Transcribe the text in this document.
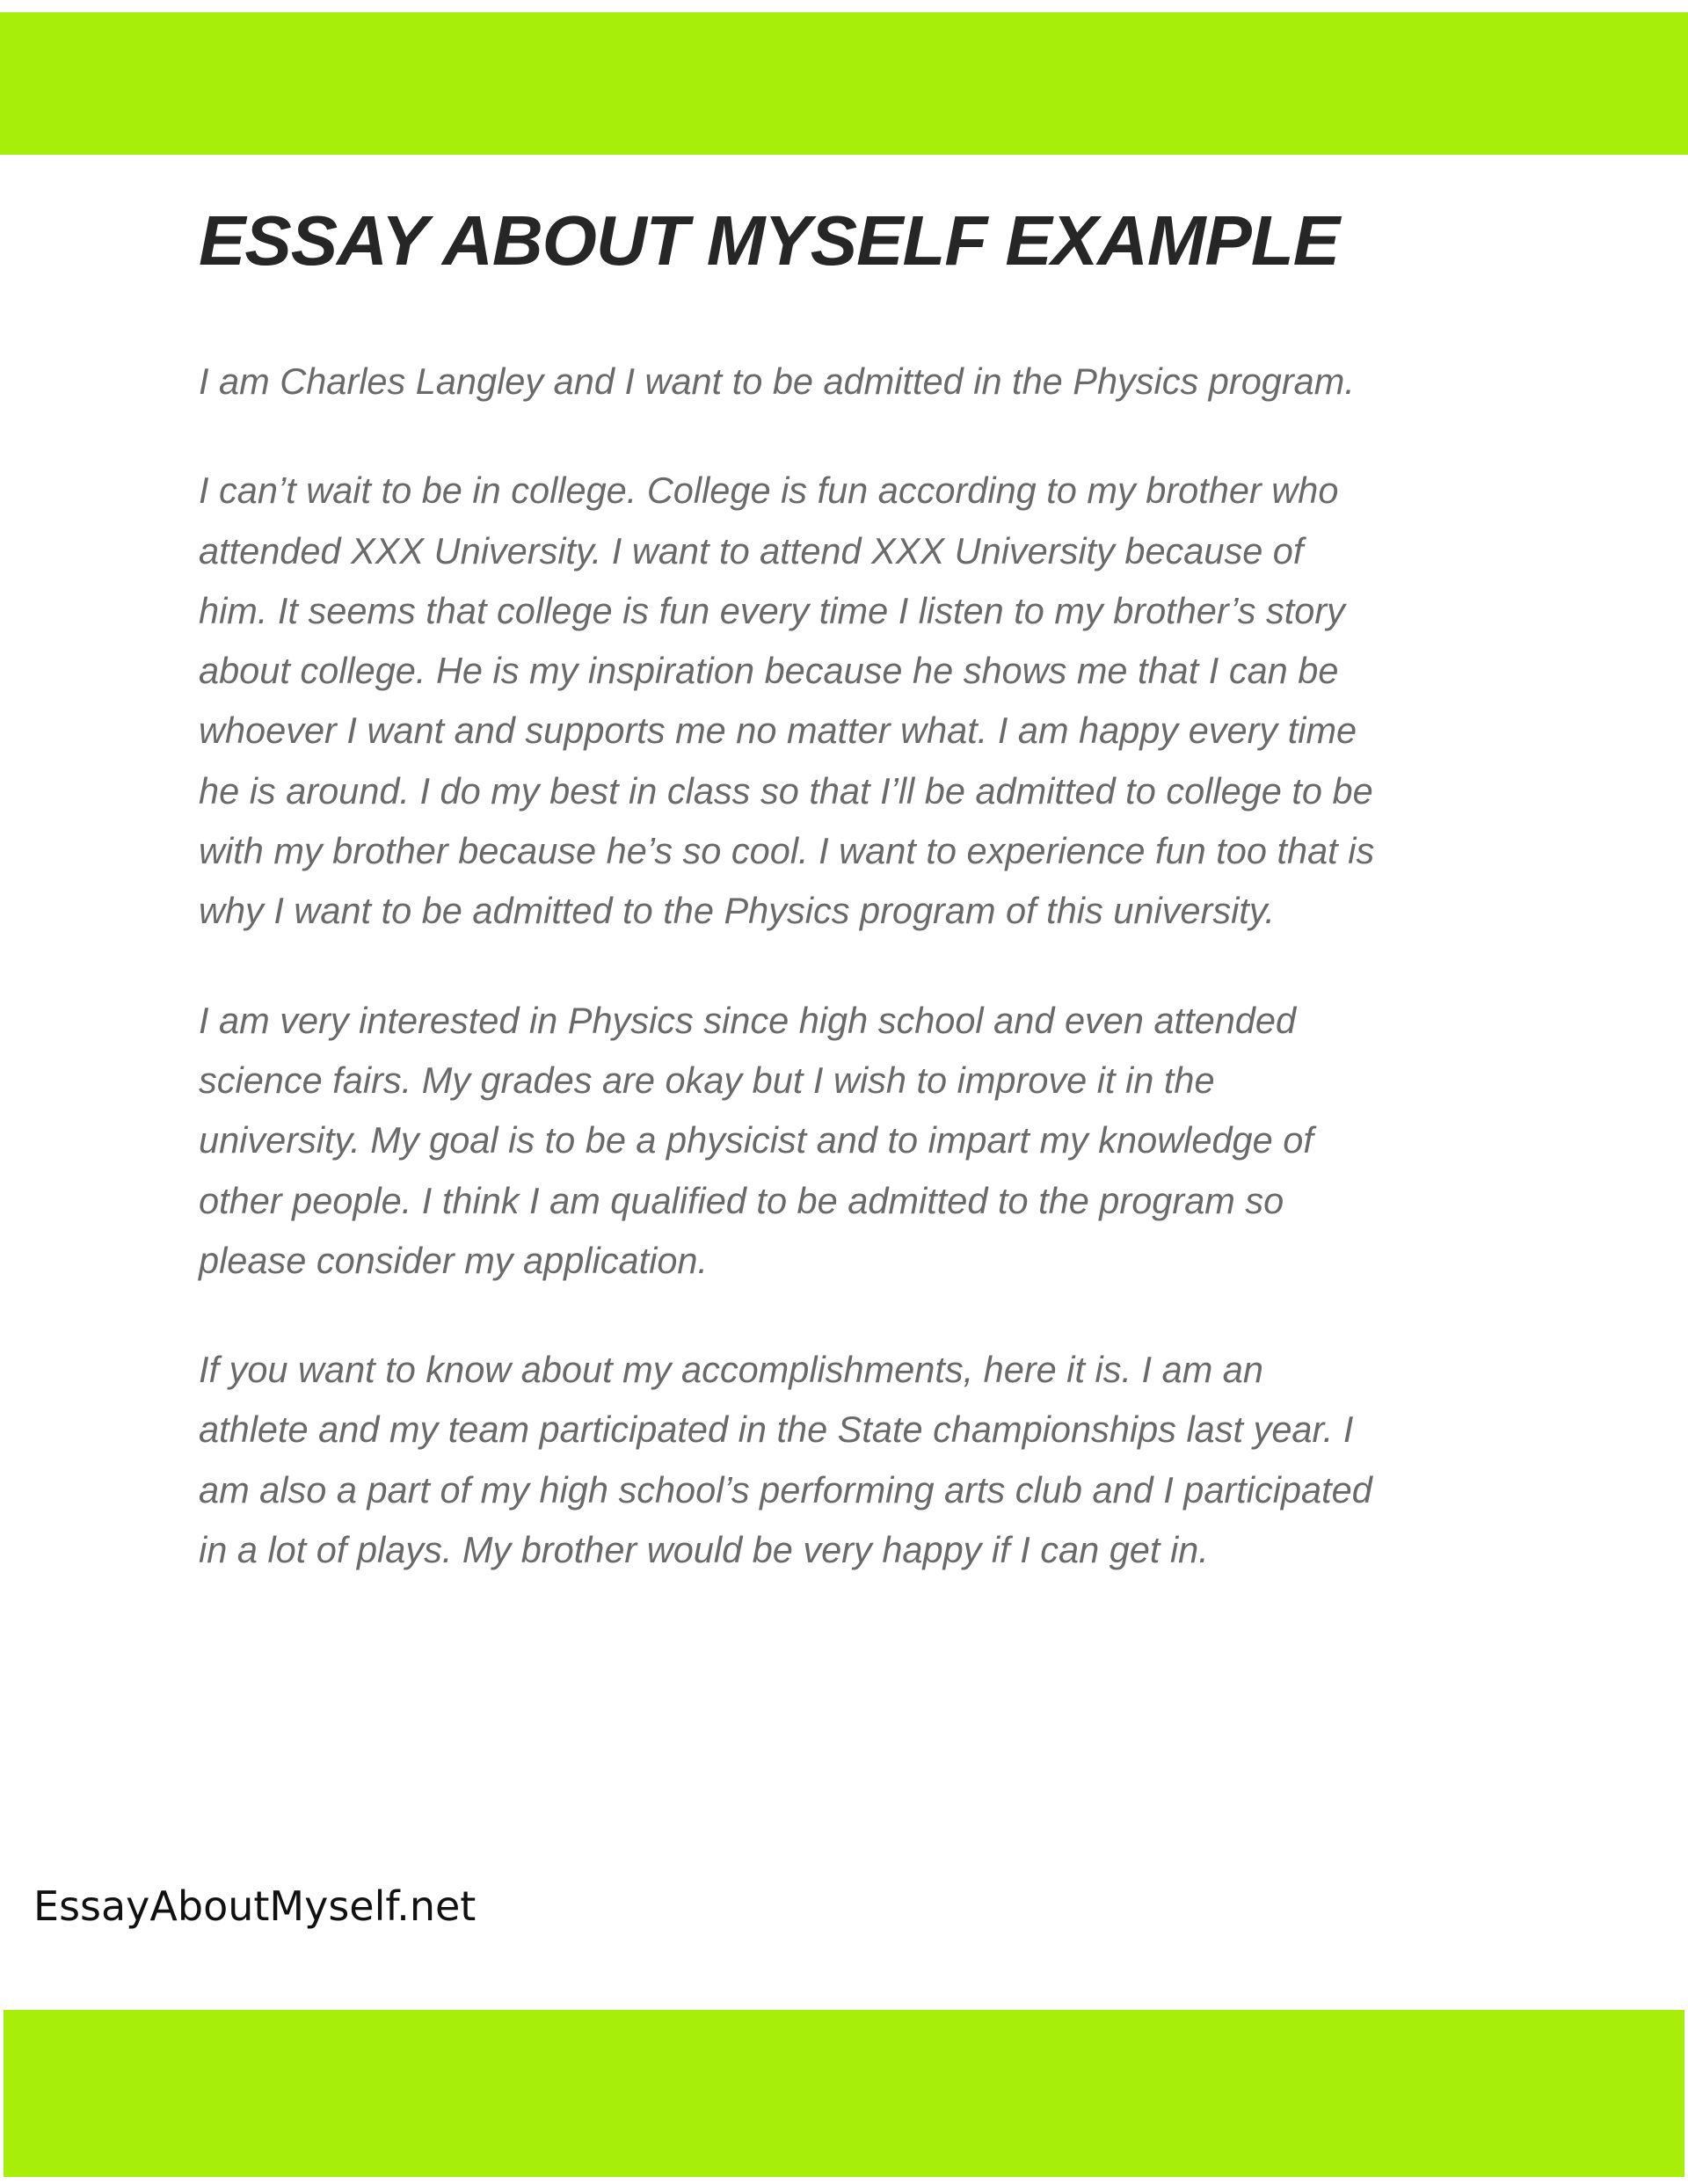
ESSAY ABOUT MYSELF EXAMPLE

I am Charles Langley and I want to be admitted in the Physics program.

I can’t wait to be in college. College is fun according to my brother who
attended XXX University. I want to attend XXX University because of
him. It seems that college is fun every time I listen to my brother’s story
about college. He is my inspiration because he shows me that I can be
whoever I want and supports me no matter what. I am happy every time
he is around. I do my best in class so that I’ll be admitted to college to be
with my brother because he’s so cool. I want to experience fun too that is
why I want to be admitted to the Physics program of this university.

I am very interested in Physics since high school and even attended
science fairs. My grades are okay but I wish to improve it in the
university. My goal is to be a physicist and to impart my knowledge of
other people. I think I am qualified to be admitted to the program so
please consider my application.

If you want to know about my accomplishments, here it is. I am an
athlete and my team participated in the State championships last year. I
am also a part of my high school’s performing arts club and I participated
in a lot of plays. My brother would be very happy if I can get in.

EssayAboutMyself.net
